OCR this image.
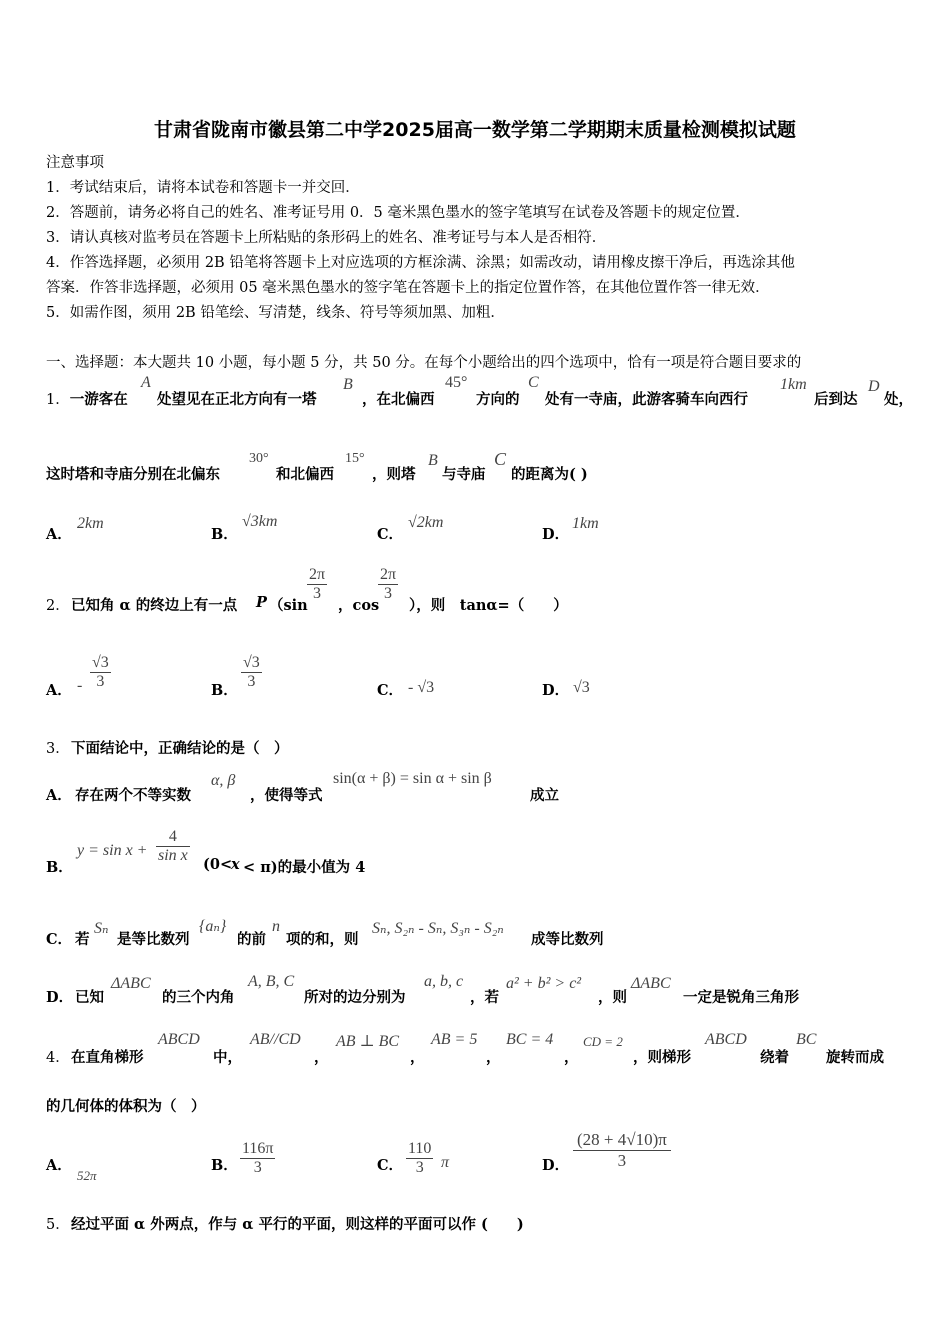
甘肃省陇南市徽县第二中学2025届高一数学第二学期期末质量检测模拟试题
注意事项
1．考试结束后，请将本试卷和答题卡一并交回．
2．答题前，请务必将自己的姓名、准考证号用 0．5 毫米黑色墨水的签字笔填写在试卷及答题卡的规定位置．
3．请认真核对监考员在答题卡上所粘贴的条形码上的姓名、准考证号与本人是否相符．
4．作答选择题，必须用 2B 铅笔将答题卡上对应选项的方框涂满、涂黑；如需改动，请用橡皮擦干净后，再选涂其他
答案．作答非选择题，必须用 05 毫米黑色墨水的签字笔在答题卡上的指定位置作答，在其他位置作答一律无效．
5．如需作图，须用 2B 铅笔绘、写清楚，线条、符号等须加黑、加粗．
一、选择题：本大题共 10 小题，每小题 5 分，共 50 分。在每个小题给出的四个选项中，恰有一项是符合题目要求的
1．一游客在
A
处望见在正北方向有一塔
B
，在北偏西
45°
方向的
C
处有一寺庙，此游客骑车向西行
1km
后到达
D
处，
这时塔和寺庙分别在北偏东
30°
和北偏西
15°
，则塔
B
与寺庙
C
的距离为( )
A．
2km
B．
√3km
C．
√2km
D．
1km
2． 已知角 α 的终边上有一点 P （sin
$\frac{2\pi}{3}$
，cos
$\frac{2\pi}{3}$
），则　tanα=（　　）
A． - $\frac{√3}{3}$	B． $\frac{√3}{3}$	C． - √3	D． √3
3． 下面结论中，正确结论的是（　）
A． 存在两个不等实数
α, β
，使得等式
sin(α + β) = sin α + sin β
成立
B．
$y = \sin x + \frac{4}{\text{sin x}} (0<$
x < π)的最小值为 4
C． 若
Sₙ
是等比数列
{aₙ}
的前
n
项的和，则
Sₙ, S₂ₙ - Sₙ, S₃ₙ - S₂ₙ
成等比数列
D． 已知
ΔABC
的三个内角
A, B, C
所对的边分别为
a, b, c
，若
a² + b² > c²
，则
ΔABC
一定是锐角三角形
4． 在直角梯形
ABCD
中，
AB//CD
，
AB ⊥ BC
，
AB = 5
，
BC = 4
，
CD = 2
，则梯形
ABCD
绕着
BC
旋转而成
的几何体的体积为（　）
A．
52π
B． $\frac{116\pi}{3}$	C． $\frac{110}{3}$ π	D． $\frac{(28 + 4√10)\pi}{3}$
5． 经过平面 α 外两点，作与 α 平行的平面，则这样的平面可以作 (　　)
